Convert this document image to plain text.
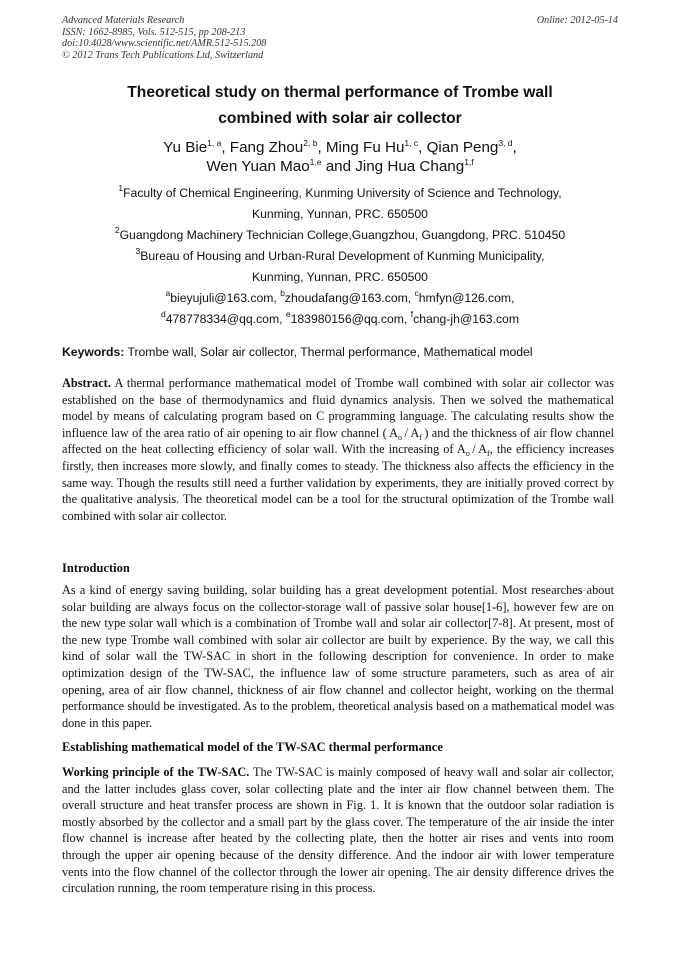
Advanced Materials Research
ISSN: 1662-8985, Vols. 512-515, pp 208-213
doi:10.4028/www.scientific.net/AMR.512-515.208
© 2012 Trans Tech Publications Ltd, Switzerland
Online: 2012-05-14
Theoretical study on thermal performance of Trombe wall
combined with solar air collector
Yu Bie$^{1, a}$, Fang Zhou$^{2, b}$, Ming Fu Hu$^{1, c}$, Qian Peng$^{3, d}$,
Wen Yuan Mao$^{1,e}$ and Jing Hua Chang$^{1,f}$
$^1$Faculty of Chemical Engineering, Kunming University of Science and Technology,
Kunming, Yunnan, PRC. 650500
$^2$Guangdong Machinery Technician College,Guangzhou, Guangdong, PRC. 510450
$^3$Bureau of Housing and Urban-Rural Development of Kunming Municipality,
Kunming, Yunnan, PRC. 650500
$^a$bieyujuli@163.com, $^b$zhoudafang@163.com, $^c$hmfyn@126.com,
$^d$478778334@qq.com, $^e$183980156@qq.com, $^f$chang-jh@163.com
Keywords: Trombe wall, Solar air collector, Thermal performance, Mathematical model
Abstract. A thermal performance mathematical model of Trombe wall combined with solar air collector was established on the base of thermodynamics and fluid dynamics analysis. Then we solved the mathematical model by means of calculating program based on C programming language. The calculating results show the influence law of the area ratio of air opening to air flow channel ( $A_o / A_f$ ) and the thickness of air flow channel affected on the heat collecting efficiency of solar wall. With the increasing of $A_o / A_f$, the efficiency increases firstly, then increases more slowly, and finally comes to steady. The thickness also affects the efficiency in the same way. Though the results still need a further validation by experiments, they are initially proved correct by the qualitative analysis. The theoretical model can be a tool for the structural optimization of the Trombe wall combined with solar air collector.
Introduction
As a kind of energy saving building, solar building has a great development potential. Most researches about solar building are always focus on the collector-storage wall of passive solar house[1-6], however few are on the new type solar wall which is a combination of Trombe wall and solar air collector[7-8]. At present, most of the new type Trombe wall combined with solar air collector are built by experience. By the way, we call this kind of solar wall the TW-SAC in short in the following description for convenience. In order to make optimization design of the TW-SAC, the influence law of some structure parameters, such as area of air opening, area of air flow channel, thickness of air flow channel and collector height, working on the thermal performance should be investigated. As to the problem, theoretical analysis based on a mathematical model was done in this paper.
Establishing mathematical model of the TW-SAC thermal performance
Working principle of the TW-SAC. The TW-SAC is mainly composed of heavy wall and solar air collector, and the latter includes glass cover, solar collecting plate and the inter air flow channel between them. The overall structure and heat transfer process are shown in Fig. 1. It is known that the outdoor solar radiation is mostly absorbed by the collector and a small part by the glass cover. The temperature of the air inside the inter flow channel is increase after heated by the collecting plate, then the hotter air rises and vents into room through the upper air opening because of the density difference. And the indoor air with lower temperature vents into the flow channel of the collector through the lower air opening. The air density difference drives the circulation running, the room temperature rising in this process.
